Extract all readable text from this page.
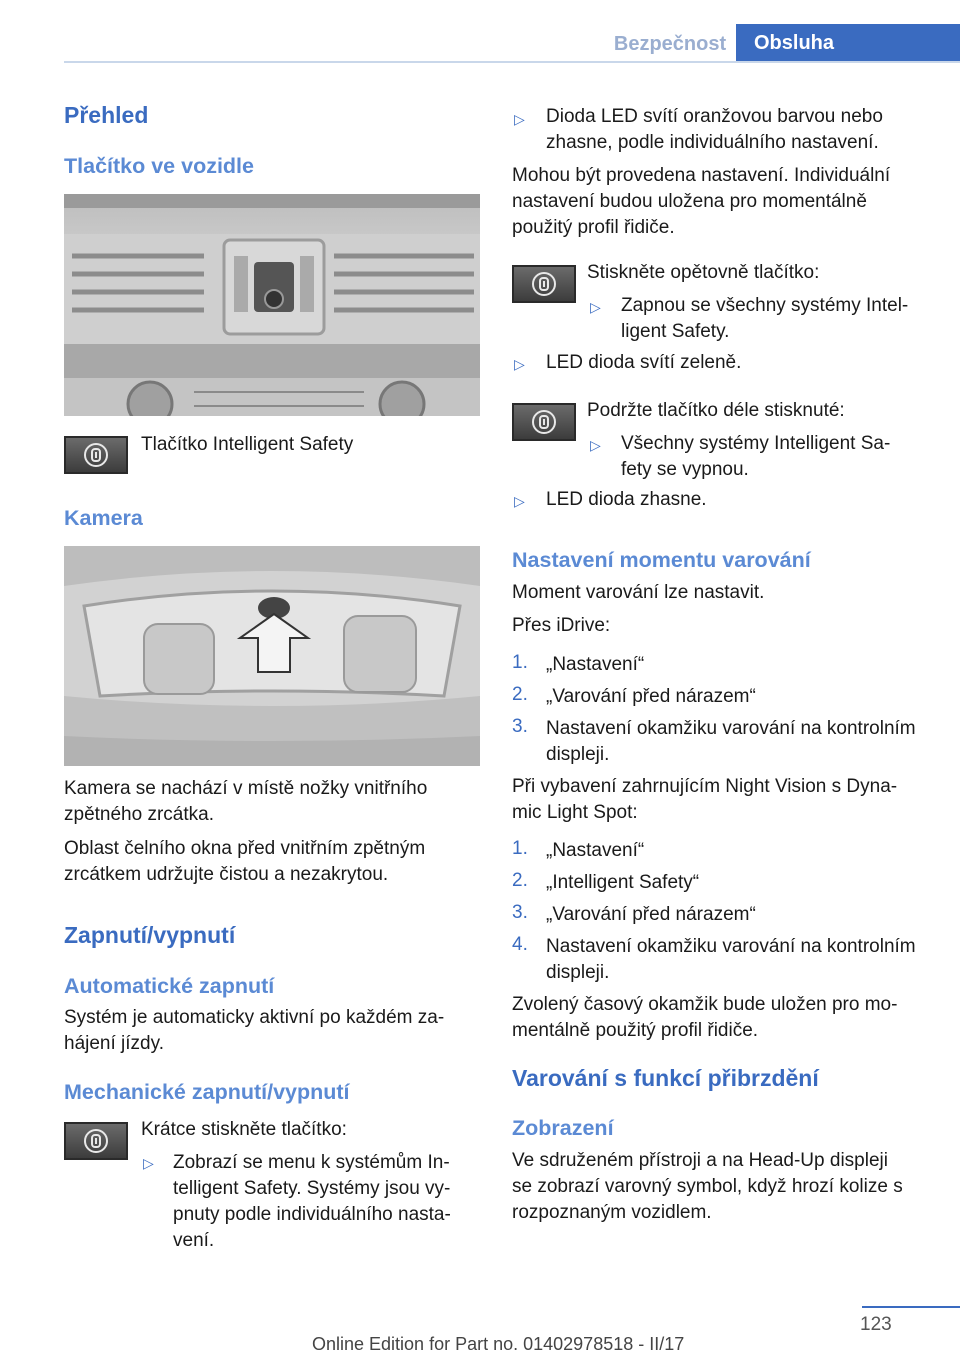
Bezpečnost	Obsluha
Přehled
Tlačítko ve vozidle
Tlačítko Intelligent Safety
Kamera
Kamera se nachází v místě nožky vnitřního
zpětného zrcátka.
Oblast čelního okna před vnitřním zpětným
zrcátkem udržujte čistou a nezakrytou.
Zapnutí/vypnutí
Automatické zapnutí
Systém je automaticky aktivní po každém za‐
hájení jízdy.
Mechanické zapnutí/vypnutí
Krátce stiskněte tlačítko:
▷ Zobrazí se menu k systémům In‐
telligent Safety. Systémy jsou vy‐
pnuty podle individuálního nasta‐
vení.
▷ Dioda LED svítí oranžovou barvou nebo
zhasne, podle individuálního nastavení.
Mohou být provedena nastavení. Individuální
nastavení budou uložena pro momentálně
použitý profil řidiče.
Stiskněte opětovně tlačítko:
▷ Zapnou se všechny systémy Intel‐
ligent Safety.
▷ LED dioda svítí zeleně.
Podržte tlačítko déle stisknuté:
▷ Všechny systémy Intelligent Sa‐
fety se vypnou.
▷ LED dioda zhasne.
Nastavení momentu varování
Moment varování lze nastavit.
Přes iDrive:
1. „Nastavení“
2. „Varování před nárazem“
3. Nastavení okamžiku varování na kontrolním
displeji.
Při vybavení zahrnujícím Night Vision s Dyna‐
mic Light Spot:
1. „Nastavení“
2. „Intelligent Safety“
3. „Varování před nárazem“
4. Nastavení okamžiku varování na kontrolním
displeji.
Zvolený časový okamžik bude uložen pro mo‐
mentálně použitý profil řidiče.
Varování s funkcí přibrzdění
Zobrazení
Ve sdruženém přístroji a na Head-Up displeji
se zobrazí varovný symbol, když hrozí kolize s
rozpoznaným vozidlem.
123
Online Edition for Part no. 01402978518 - II/17
